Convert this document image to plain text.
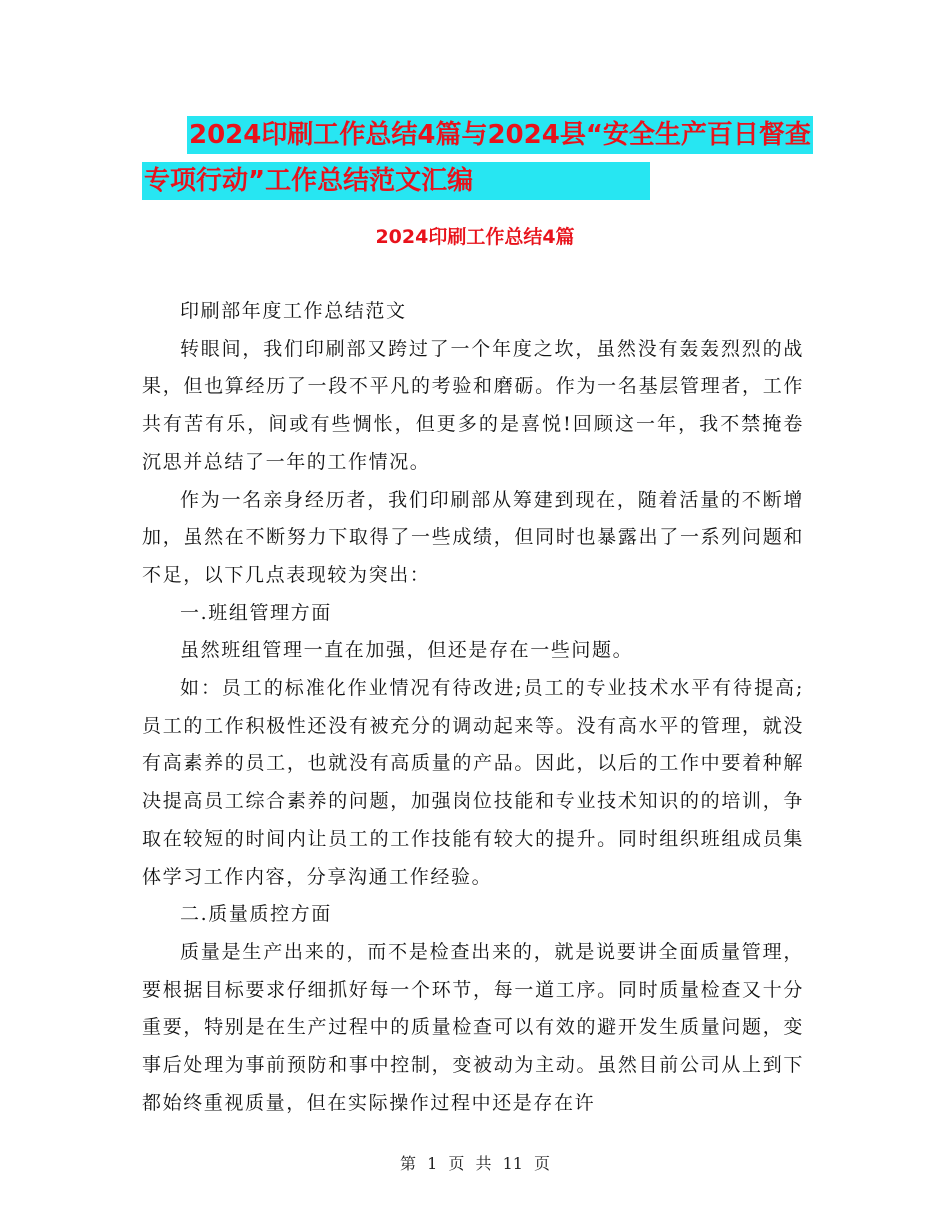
2024印刷工作总结4篇与2024县“安全生产百日督查
专项行动”工作总结范文汇编
2024印刷工作总结4篇

印刷部年度工作总结范文

转眼间，我们印刷部又跨过了一个年度之坎，虽然没有轰轰烈烈的战果，但也算经历了一段不平凡的考验和磨砺。作为一名基层管理者，工作共有苦有乐，间或有些惆怅，但更多的是喜悦!回顾这一年，我不禁掩卷沉思并总结了一年的工作情况。

作为一名亲身经历者，我们印刷部从筹建到现在，随着活量的不断增加，虽然在不断努力下取得了一些成绩，但同时也暴露出了一系列问题和不足，以下几点表现较为突出：

一.班组管理方面

虽然班组管理一直在加强，但还是存在一些问题。

如：员工的标准化作业情况有待改进;员工的专业技术水平有待提高;员工的工作积极性还没有被充分的调动起来等。没有高水平的管理，就没有高素养的员工，也就没有高质量的产品。因此，以后的工作中要着种解决提高员工综合素养的问题，加强岗位技能和专业技术知识的的培训，争取在较短的时间内让员工的工作技能有较大的提升。同时组织班组成员集体学习工作内容，分享沟通工作经验。

二.质量质控方面

质量是生产出来的，而不是检查出来的，就是说要讲全面质量管理，要根据目标要求仔细抓好每一个环节，每一道工序。同时质量检查又十分重要，特别是在生产过程中的质量检查可以有效的避开发生质量问题，变事后处理为事前预防和事中控制，变被动为主动。虽然目前公司从上到下都始终重视质量，但在实际操作过程中还是存在许

第 1 页 共 11 页
